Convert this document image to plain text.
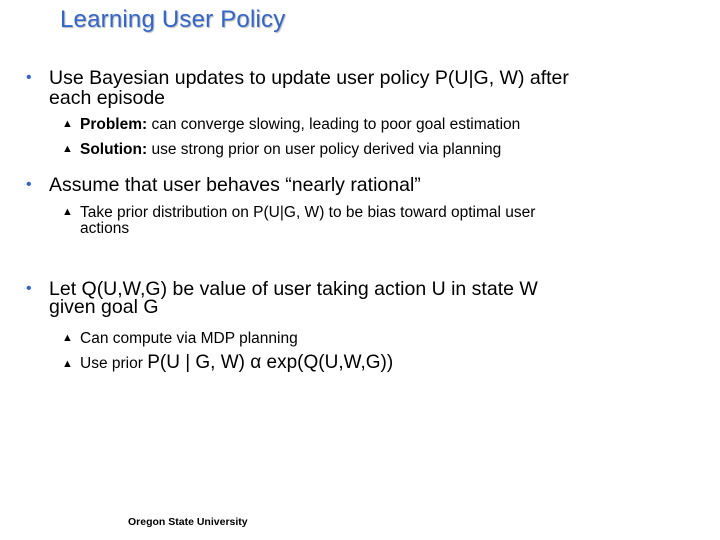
Learning User Policy
• Use Bayesian updates to update user policy P(U|G, W) after
each episode
▲ Problem: can converge slowing, leading to poor goal estimation
▲ Solution: use strong prior on user policy derived via planning
• Assume that user behaves “nearly rational”
▲ Take prior distribution on P(U|G, W) to be bias toward optimal user
actions
• Let Q(U,W,G) be value of user taking action U in state W
given goal G
▲ Can compute via MDP planning
▲ Use prior P(U | G, W) α exp(Q(U,W,G))
Oregon State University
